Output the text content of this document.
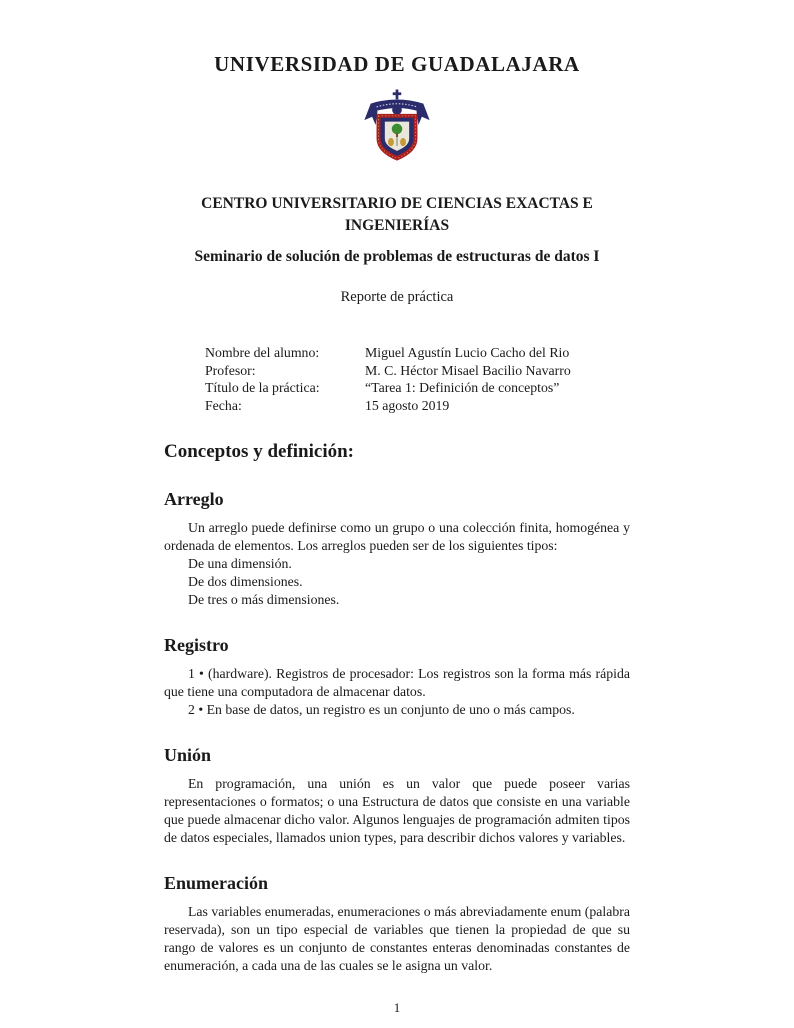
UNIVERSIDAD DE GUADALAJARA
CENTRO UNIVERSITARIO DE CIENCIAS EXACTAS E
INGENIERÍAS
Seminario de solución de problemas de estructuras de datos I
Reporte de práctica
Nombre del alumno:	Miguel Agustín Lucio Cacho del Rio
Profesor:	M. C. Héctor Misael Bacilio Navarro
Título de la práctica:	“Tarea 1: Definición de conceptos”
Fecha:	15 agosto 2019
Conceptos y definición:
Arreglo

Un arreglo puede definirse como un grupo o una colección finita, homogénea y ordenada de elementos. Los arreglos pueden ser de los siguientes tipos:

De una dimensión.
De dos dimensiones.
De tres o más dimensiones.
Registro

1 • (hardware). Registros de procesador: Los registros son la forma más rápida que tiene una computadora de almacenar datos.

2 • En base de datos, un registro es un conjunto de uno o más campos.

Unión

En programación, una unión es un valor que puede poseer varias representaciones o formatos; o una Estructura de datos que consiste en una variable que puede almacenar dicho valor. Algunos lenguajes de programación admiten tipos de datos especiales, llamados union types, para describir dichos valores y variables.

Enumeración

Las variables enumeradas, enumeraciones o más abreviadamente enum (palabra reservada), son un tipo especial de variables que tienen la propiedad de que su rango de valores es un conjunto de constantes enteras denominadas constantes de enumeración, a cada una de las cuales se le asigna un valor.

1
